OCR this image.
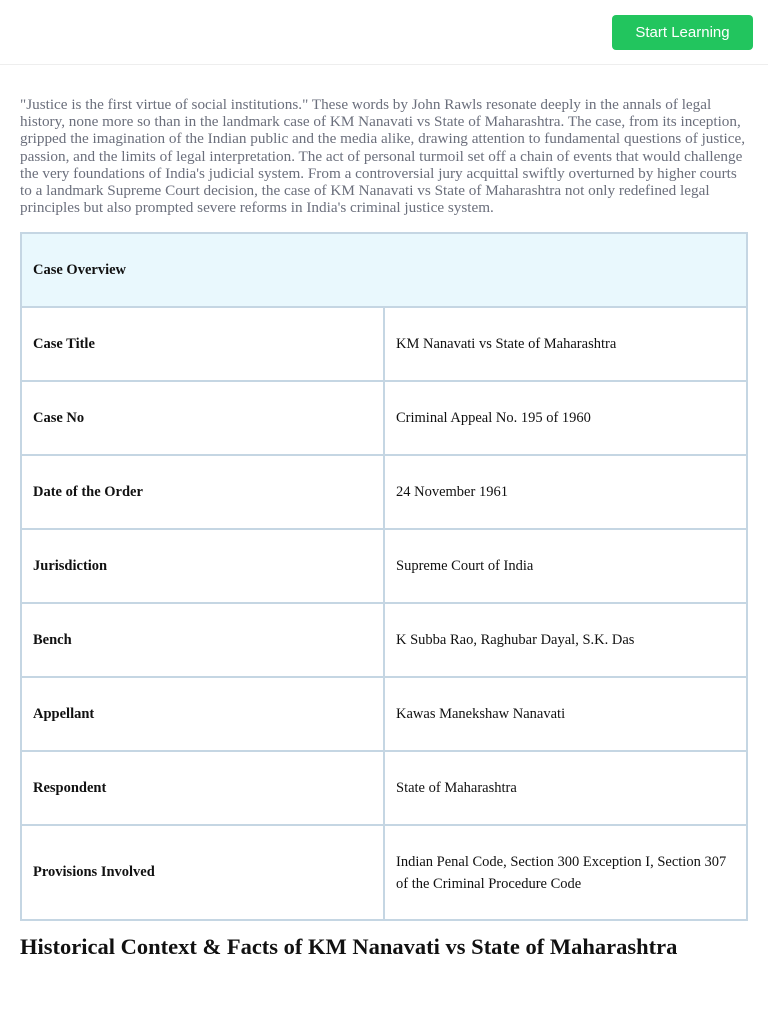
Start Learning

"Justice is the first virtue of social institutions." These words by John Rawls resonate deeply in the annals of legal history, none more so than in the landmark case of KM Nanavati vs State of Maharashtra. The case, from its inception, gripped the imagination of the Indian public and the media alike, drawing attention to fundamental questions of justice, passion, and the limits of legal interpretation. The act of personal turmoil set off a chain of events that would challenge the very foundations of India's judicial system. From a controversial jury acquittal swiftly overturned by higher courts to a landmark Supreme Court decision, the case of KM Nanavati vs State of Maharashtra not only redefined legal principles but also prompted severe reforms in India's criminal justice system.

Case Overview	
Case Title	KM Nanavati vs State of Maharashtra
Case No	Criminal Appeal No. 195 of 1960
Date of the Order	24 November 1961
Jurisdiction	Supreme Court of India
Bench	K Subba Rao, Raghubar Dayal, S.K. Das
Appellant	Kawas Manekshaw Nanavati
Respondent	State of Maharashtra
Provisions Involved	Indian Penal Code, Section 300 Exception I, Section 307 of the Criminal Procedure Code
Historical Context & Facts of KM Nanavati vs State of Maharashtra
